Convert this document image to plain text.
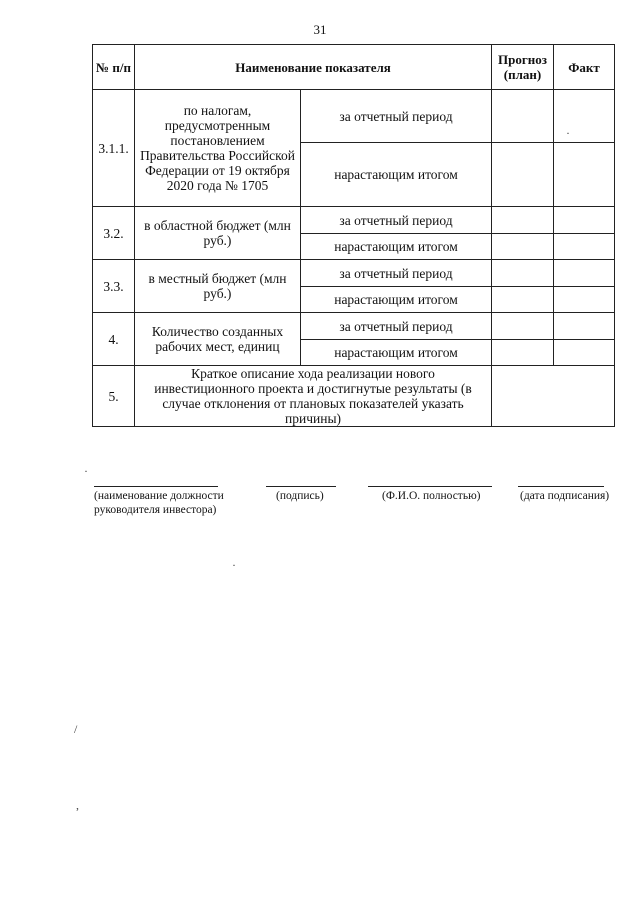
31
№ п/п	Наименование показателя		Прогноз (план)	Факт
3.1.1.	по налогам, предусмотренным постановлением Правительства Российской Федерации от 19 октября 2020 года № 1705	за отчетный период		
		нарастающим итогом		
3.2.	в областной бюджет (млн руб.)	за отчетный период		
		нарастающим итогом		
3.3.	в местный бюджет (млн руб.)	за отчетный период		
		нарастающим итогом		
4.	Количество созданных рабочих мест, единиц	за отчетный период		
		нарастающим итогом		
5.	Краткое описание хода реализации нового инвестиционного проекта и достигнутые результаты (в случае отклонения от плановых показателей указать причины)			
(наименование должности руководителя инвестора)
(подпись)	(Ф.И.О. полностью)	(дата подписания)
·
·
/
,
·
